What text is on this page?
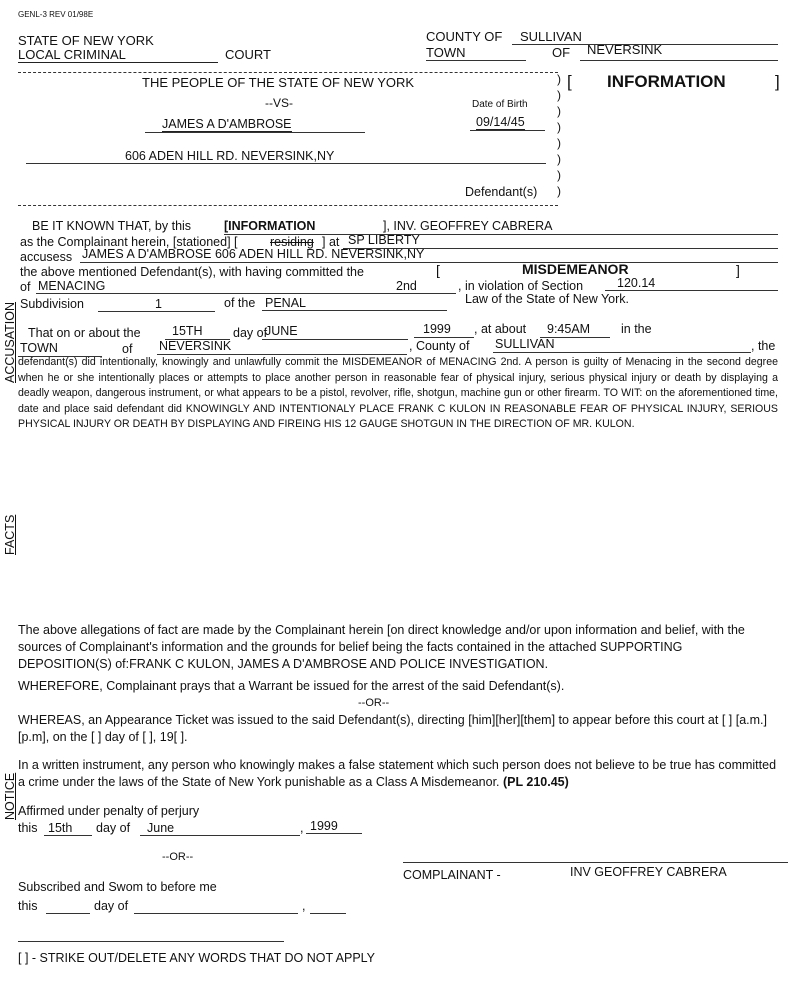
GENL-3 REV 01/98E
STATE OF NEW YORK
LOCAL CRIMINAL	COURT
COUNTY OF SULLIVAN
TOWN	OF NEVERSINK
THE PEOPLE OF THE STATE OF NEW YORK
--VS-	Date of Birth
JAMES A D'AMBROSE	09/14/45
606 ADEN HILL RD. NEVERSINK,NY
Defendant(s)
)
)
)
)
)
)
)
)
[ INFORMATION	]
ACCUSATION
BE IT KNOWN THAT, by this	[INFORMATION	], INV. GEOFFREY CABRERA
as the Complainant herein, [stationed] [	residing ] at SP LIBERTY
accusess JAMES A D'AMBROSE 606 ADEN HILL RD. NEVERSINK,NY
the above mentioned Defendant(s), with having committed the	[	MISDEMEANOR	]
of MENACING	2nd	, in violation of Section	120.14
Subdivision	1	of the PENAL	Law of the State of New York.
That on or about the	15TH day of
JUNE	1999 , at about 9:45AM in the
TOWN	of NEVERSINK	, County of SULLIVAN	, the
defendant(s) did intentionally, knowingly and unlawfully commit the MISDEMEANOR of MENACING 2nd. A person is guilty of Menacing in the second degree when he or she intentionally places or attempts to place another person in reasonable fear of physical injury, serious physical injury or death by displaying a deadly weapon, dangerous instrument, or what appears to be a pistol, revolver, rifle, shotgun, machine gun or other firearm. TO WIT: on the aforementioned time, date and place said defendant did KNOWINGLY AND INTENTIONALY PLACE FRANK C KULON IN REASONABLE FEAR OF PHYSICAL INJURY, SERIOUS PHYSICAL INJURY OR DEATH BY DISPLAYING AND FIREING HIS 12 GAUGE SHOTGUN IN THE DIRECTION OF MR. KULON.
FACTS
The above allegations of fact are made by the Complainant herein [on direct knowledge and/or upon information and belief, with the sources of Complainant's information and the grounds for belief being the facts contained in the attached SUPPORTING DEPOSITION(S) of:FRANK C KULON, JAMES A D'AMBROSE AND POLICE INVESTIGATION.
WHEREFORE, Complainant prays that a Warrant be issued for the arrest of the said Defendant(s).
--OR--
WHEREAS, an Appearance Ticket was issued to the said Defendant(s), directing [him][her][them] to appear before this court at [ ] [a.m.][p.m], on the [ ] day of [ ], 19[ ].
NOTICE
In a written instrument, any person who knowingly makes a false statement which such person does not believe to be true has committed a crime under the laws of the State of New York punishable as a Class A Misdemeanor. (PL 210.45)
Affirmed under penalty of perjury
this 15th day of June	, 1999
--OR--
COMPLAINANT -	INV GEOFFREY CABRERA
Subscribed and Swom to before me
this	day of	,
[ ] - STRIKE OUT/DELETE ANY WORDS THAT DO NOT APPLY
